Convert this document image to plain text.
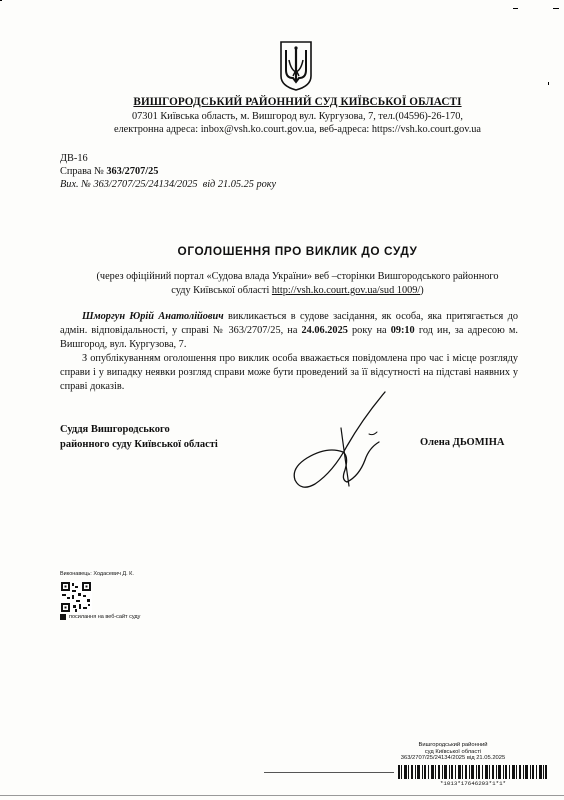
ВИШГОРОДСЬКИЙ РАЙОННИЙ СУД КИЇВСЬКОЇ ОБЛАСТІ
07301 Київська область, м. Вишгород вул. Кургузова, 7, тел.(04596)-26-170,
електронна адреса: inbox@vsh.ko.court.gov.ua, веб-адреса: https://vsh.ko.court.gov.ua
ДВ-16
Справа № 363/2707/25
Вих. № 363/2707/25/24134/2025 від 21.05.25 року
ОГОЛОШЕННЯ ПРО ВИКЛИК ДО СУДУ
(через офіційний портал «Судова влада України» веб –сторінки Вишгородського районного
суду Київської області http://vsh.ko.court.gov.ua/sud 1009/)
Шморгун Юрій Анатолійович викликається в судове засідання, як особа, яка притягається до адмін. відповідальності, у справі № 363/2707/25, на 24.06.2025 року на 09:10 год ин, за адресою м. Вишгород, вул. Кургузова, 7.
З опублікуванням оголошення про виклик особа вважається повідомлена про час і місце розгляду справи і у випадку неявки розгляд справи може бути проведений за її відсутності на підставі наявних у справі доказів.
Суддя Вишгородського
районного суду Київської області	Олена ДЬОМІНА
Виконавець: Ходасевич Д. К.
посилання на веб-сайт суду
Вишгородський районний
суд Київської області
363/2707/25/24134/2025 від 21.05.2025
*1013*17646293*1*1*
